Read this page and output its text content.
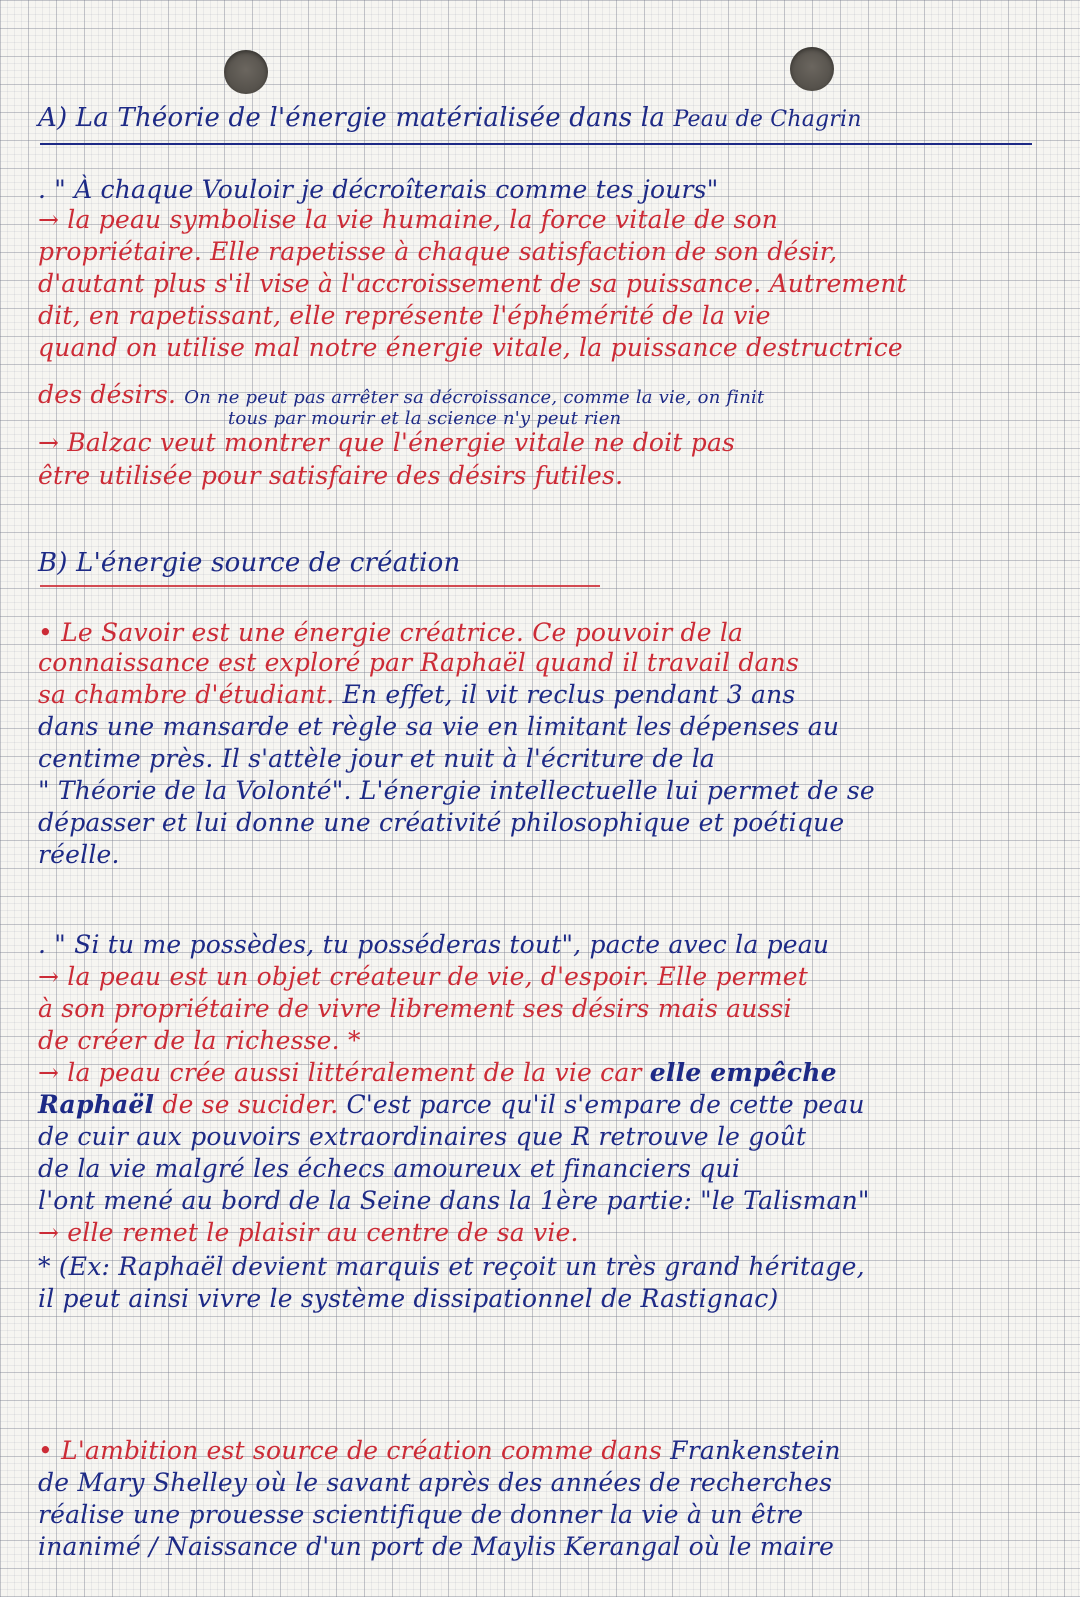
A) La Théorie de l'énergie matérialisée dans la Peau de Chagrin
. " À chaque Vouloir je décroîterais comme tes jours"
→ la peau symbolise la vie humaine, la force vitale de son
propriétaire. Elle rapetisse à chaque satisfaction de son désir,
d'autant plus s'il vise à l'accroissement de sa puissance. Autrement
dit, en rapetissant, elle représente l'éphémérité de la vie
quand on utilise mal notre énergie vitale, la puissance destructrice
des désirs. On ne peut pas arrêter sa décroissance, comme la vie, on finit
tous par mourir et la science n'y peut rien
→ Balzac veut montrer que l'énergie vitale ne doit pas
être utilisée pour satisfaire des désirs futiles.
B) L'énergie source de création
• Le Savoir est une énergie créatrice. Ce pouvoir de la
connaissance est exploré par Raphaël quand il travail dans
sa chambre d'étudiant. En effet, il vit reclus pendant 3 ans
dans une mansarde et règle sa vie en limitant les dépenses au
centime près. Il s'attèle jour et nuit à l'écriture de la
" Théorie de la Volonté". L'énergie intellectuelle lui permet de se
dépasser et lui donne une créativité philosophique et poétique
réelle.
. " Si tu me possèdes, tu posséderas tout", pacte avec la peau
→ la peau est un objet créateur de vie, d'espoir. Elle permet
à son propriétaire de vivre librement ses désirs mais aussi
de créer de la richesse. *
→ la peau crée aussi littéralement de la vie car elle empêche
Raphaël de se sucider. C'est parce qu'il s'empare de cette peau
de cuir aux pouvoirs extraordinaires que R retrouve le goût
de la vie malgré les échecs amoureux et financiers qui
l'ont mené au bord de la Seine dans la 1ère partie: "le Talisman"
→ elle remet le plaisir au centre de sa vie.
* (Ex: Raphaël devient marquis et reçoit un très grand héritage,
il peut ainsi vivre le système dissipationnel de Rastignac)
• L'ambition est source de création comme dans Frankenstein
de Mary Shelley où le savant après des années de recherches
réalise une prouesse scientifique de donner la vie à un être
inanimé / Naissance d'un port de Maylis Kerangal où le maire
